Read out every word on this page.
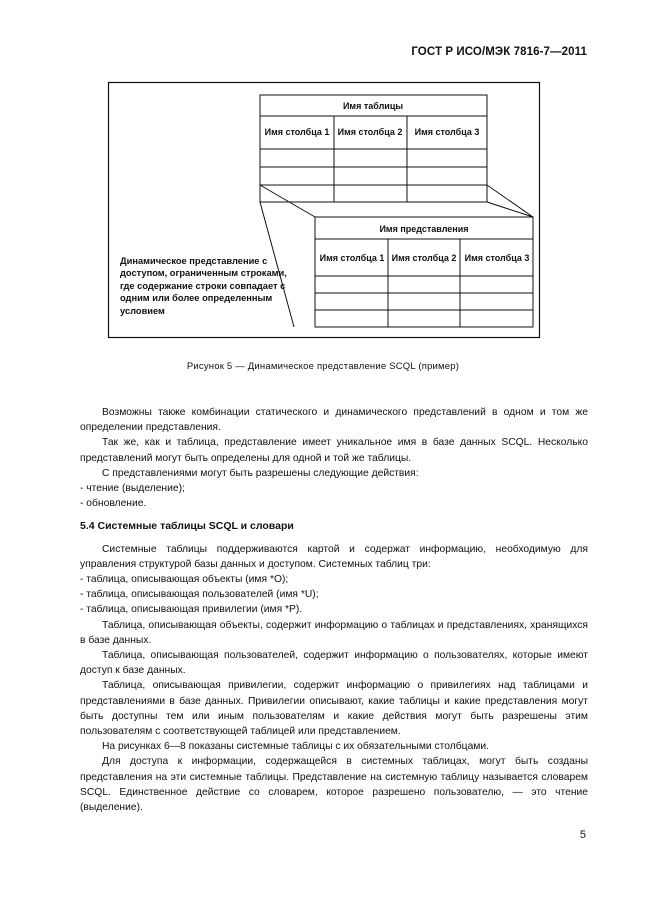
ГОСТ Р ИСО/МЭК 7816-7—2011
Имя таблицы
Имя столбца 1 Имя столбца 2 Имя столбца 3
Имя представления
Имя столбца 1 Имя столбца 2 Имя столбца 3
Динамическое представление с доступом, ограниченным строками, где содержание строки совпадает с одним или более определенным условием
Рисунок 5 — Динамическое представление SCQL (пример)

Возможны также комбинации статического и динамического представлений в одном и том же определении представления.

Так же, как и таблица, представление имеет уникальное имя в базе данных SCQL. Несколько представлений могут быть определены для одной и той же таблицы.

С представлениями могут быть разрешены следующие действия:

- чтение (выделение);

- обновление.

5.4 Системные таблицы SCQL и словари

Системные таблицы поддерживаются картой и содержат информацию, необходимую для управления структурой базы данных и доступом. Системных таблиц три:

- таблица, описывающая объекты (имя *O);

- таблица, описывающая пользователей (имя *U);

- таблица, описывающая привилегии (имя *P).

Таблица, описывающая объекты, содержит информацию о таблицах и представлениях, хранящихся в базе данных.

Таблица, описывающая пользователей, содержит информацию о пользователях, которые имеют доступ к базе данных.

Таблица, описывающая привилегии, содержит информацию о привилегиях над таблицами и представлениями в базе данных. Привилегии описывают, какие таблицы и какие представления могут быть доступны тем или иным пользователям и какие действия могут быть разрешены этим пользователям с соответствующей таблицей или представлением.

На рисунках 6—8 показаны системные таблицы с их обязательными столбцами.

Для доступа к информации, содержащейся в системных таблицах, могут быть созданы представления на эти системные таблицы. Представление на системную таблицу называется словарем SCQL. Единственное действие со словарем, которое разрешено пользователю, — это чтение (выделение).

5
